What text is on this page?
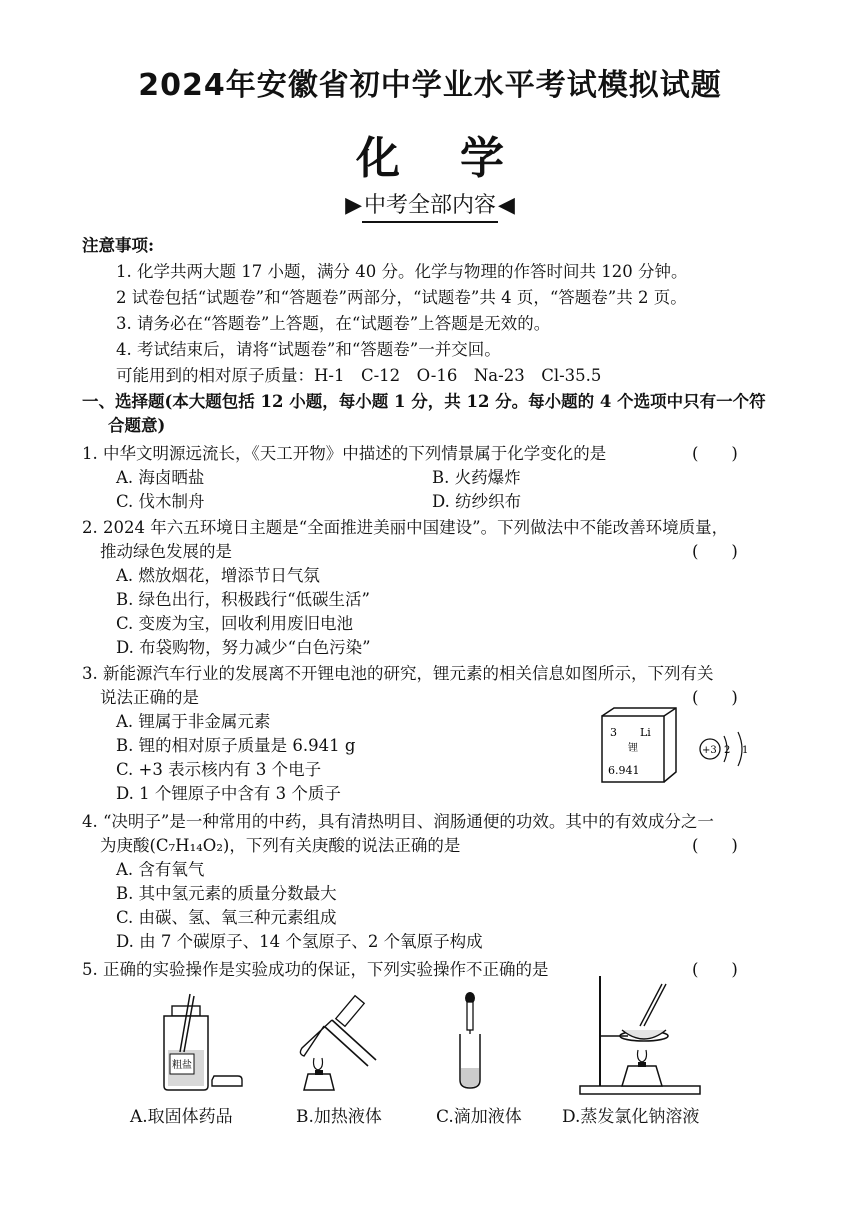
2024年安徽省初中学业水平考试模拟试题
化学
▶中考全部内容◀
注意事项:
1. 化学共两大题 17 小题，满分 40 分。化学与物理的作答时间共 120 分钟。
2 试卷包括“试题卷”和“答题卷”两部分，“试题卷”共 4 页，“答题卷”共 2 页。
3. 请务必在“答题卷”上答题，在“试题卷”上答题是无效的。
4. 考试结束后，请将“试题卷”和“答题卷”一并交回。
可能用到的相对原子质量：H-1　C-12　O-16　Na-23　Cl-35.5
一、选择题(本大题包括 12 小题，每小题 1 分，共 12 分。每小题的 4 个选项中只有一个符
合题意)
1. 中华文明源远流长，《天工开物》中描述的下列情景属于化学变化的是	(　　)
A. 海卤晒盐	B. 火药爆炸
C. 伐木制舟	D. 纺纱织布
2. 2024 年六五环境日主题是“全面推进美丽中国建设”。下列做法中不能改善环境质量，
推动绿色发展的是	(　　)
A. 燃放烟花，增添节日气氛
B. 绿色出行，积极践行“低碳生活”
C. 变废为宝，回收利用废旧电池
D. 布袋购物，努力减少“白色污染”
3. 新能源汽车行业的发展离不开锂电池的研究，锂元素的相关信息如图所示，下列有关
说法正确的是	(　　)
A. 锂属于非金属元素
B. 锂的相对原子质量是 6.941 g
C. +3 表示核内有 3 个电子
D. 1 个锂原子中含有 3 个质子
3 Li
锂
6.941
+3 2 1
4. “决明子”是一种常用的中药，具有清热明目、润肠通便的功效。其中的有效成分之一
为庚酸(C₇H₁₄O₂)，下列有关庚酸的说法正确的是	(　　)
A. 含有氧气
B. 其中氢元素的质量分数最大
C. 由碳、氢、氧三种元素组成
D. 由 7 个碳原子、14 个氢原子、2 个氧原子构成
5. 正确的实验操作是实验成功的保证，下列实验操作不正确的是	(　　)
粗盐
A.取固体药品	B.加热液体	C.滴加液体 D.蒸发氯化钠溶液
